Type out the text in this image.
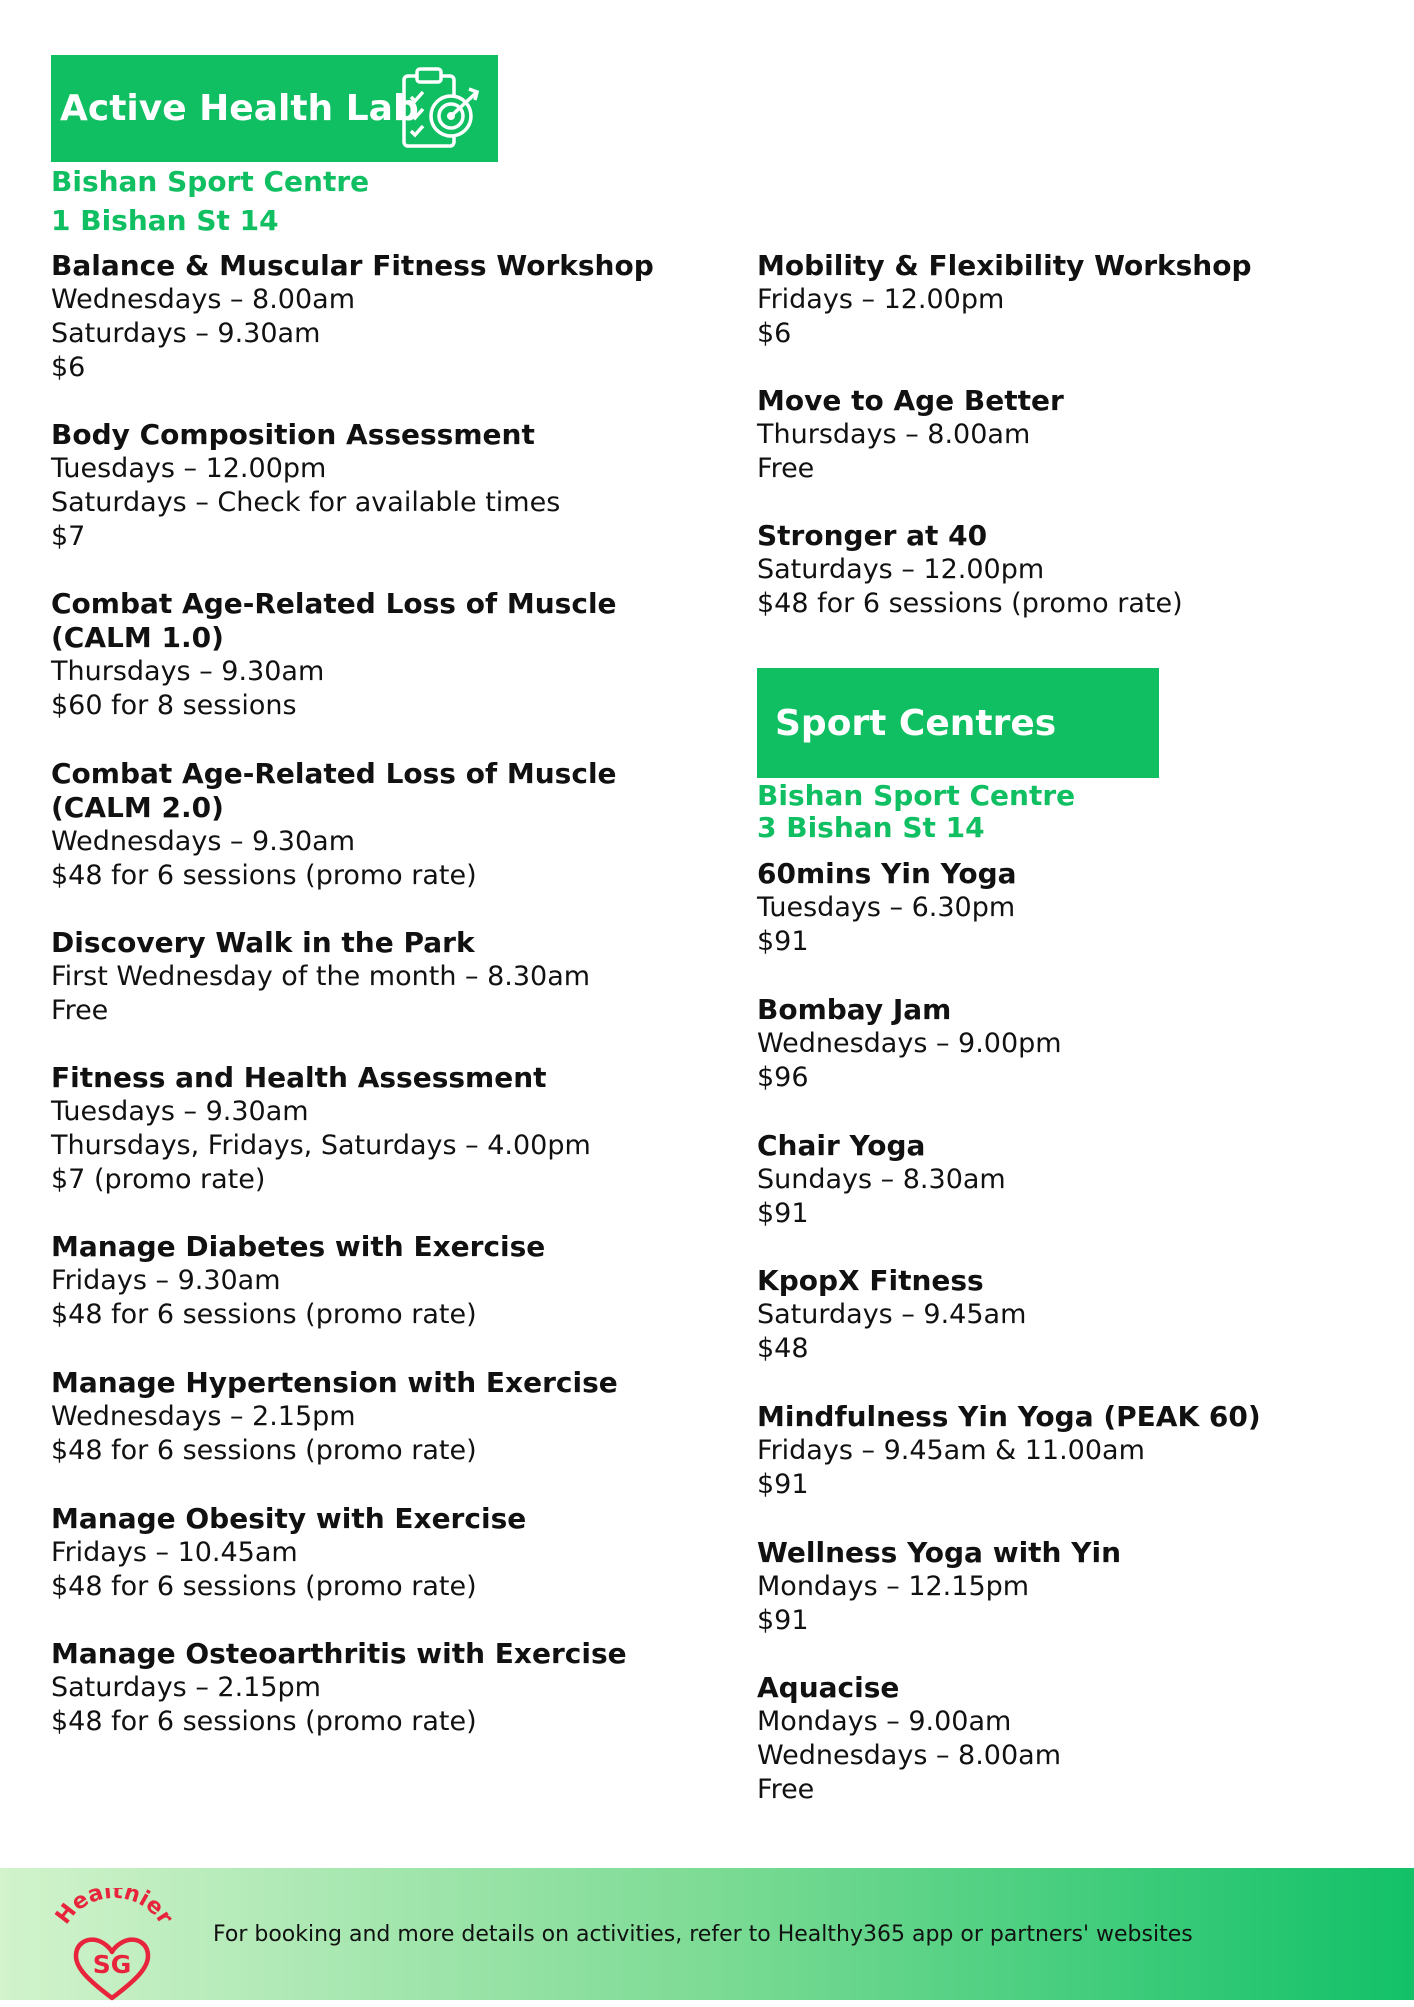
Active Health Lab
Bishan Sport Centre
1 Bishan St 14
Balance & Muscular Fitness Workshop
Wednesdays – 8.00am
Saturdays – 9.30am
$6
Body Composition Assessment
Tuesdays – 12.00pm
Saturdays – Check for available times
$7
Combat Age-Related Loss of Muscle
(CALM 1.0)
Thursdays – 9.30am
$60 for 8 sessions
Combat Age-Related Loss of Muscle
(CALM 2.0)
Wednesdays – 9.30am
$48 for 6 sessions (promo rate)
Discovery Walk in the Park
First Wednesday of the month – 8.30am
Free
Fitness and Health Assessment
Tuesdays – 9.30am
Thursdays, Fridays, Saturdays – 4.00pm
$7 (promo rate)
Manage Diabetes with Exercise
Fridays – 9.30am
$48 for 6 sessions (promo rate)
Manage Hypertension with Exercise
Wednesdays – 2.15pm
$48 for 6 sessions (promo rate)
Manage Obesity with Exercise
Fridays – 10.45am
$48 for 6 sessions (promo rate)
Manage Osteoarthritis with Exercise
Saturdays – 2.15pm
$48 for 6 sessions (promo rate)
Mobility & Flexibility Workshop
Fridays – 12.00pm
$6
Move to Age Better
Thursdays – 8.00am
Free
Stronger at 40
Saturdays – 12.00pm
$48 for 6 sessions (promo rate)
Sport Centres
Bishan Sport Centre
3 Bishan St 14
60mins Yin Yoga
Tuesdays – 6.30pm
$91
Bombay Jam
Wednesdays – 9.00pm
$96
Chair Yoga
Sundays – 8.30am
$91
KpopX Fitness
Saturdays – 9.45am
$48
Mindfulness Yin Yoga (PEAK 60)
Fridays – 9.45am & 11.00am
$91
Wellness Yoga with Yin
Mondays – 12.15pm
$91
Aquacise
Mondays – 9.00am
Wednesdays – 8.00am
Free
Healthier
SG
For booking and more details on activities, refer to Healthy365 app or partners' websites
